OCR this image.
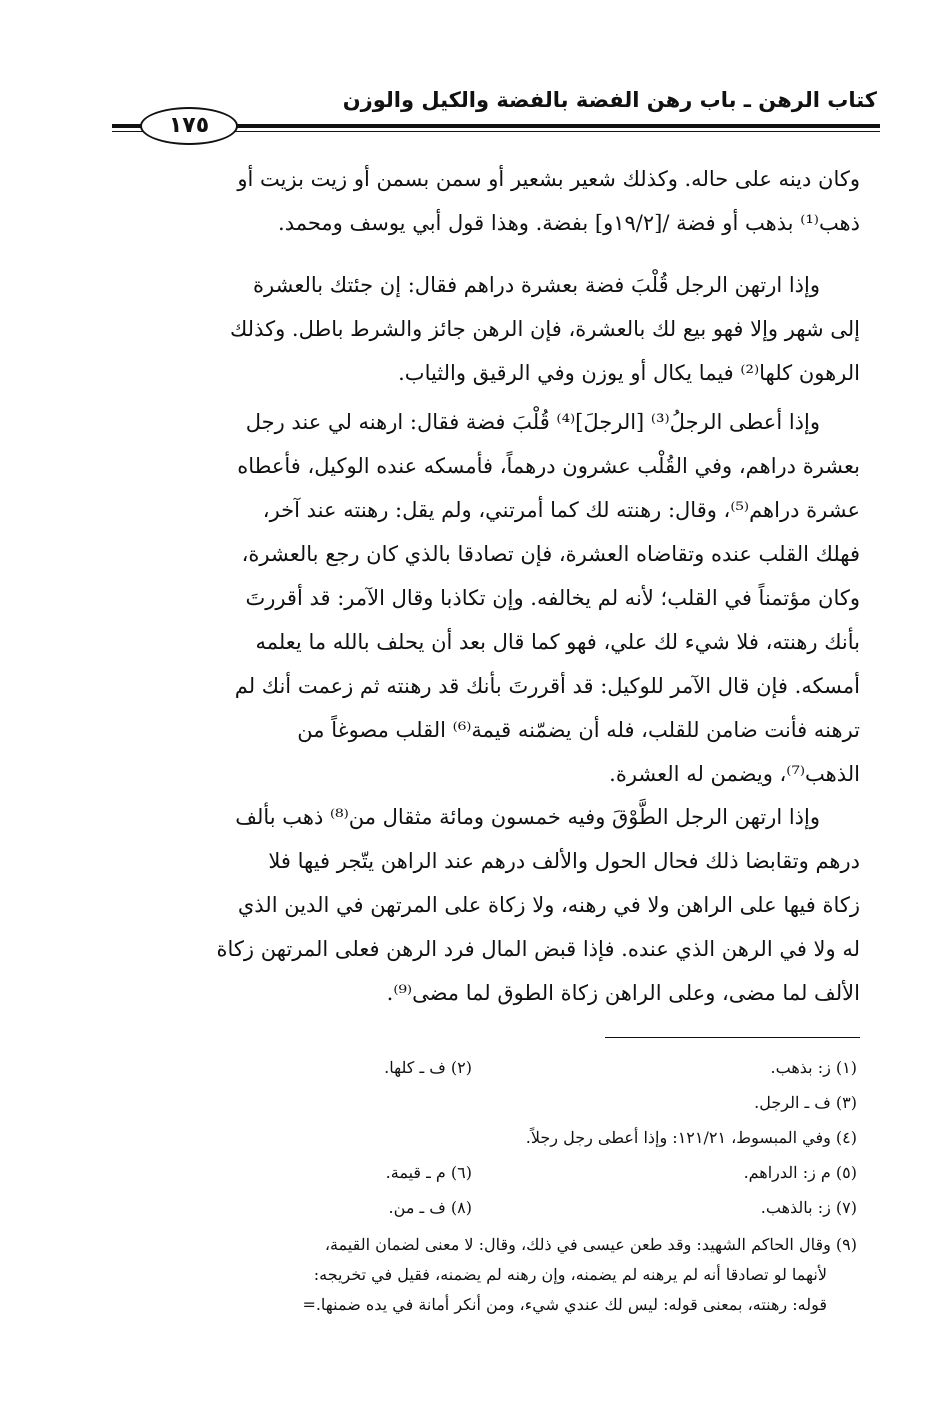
كتاب الرهن ـ باب رهن الفضة بالفضة والكيل والوزن
١٧٥
وكان دينه على حاله. وكذلك شعير بشعير أو سمن بسمن أو زيت بزيت أو
ذهب⁽¹⁾ بذهب أو فضة /[١٩/٢و] بفضة. وهذا قول أبي يوسف ومحمد.
وإذا ارتهن الرجل قُلْبَ فضة بعشرة دراهم فقال: إن جئتك بالعشرة
إلى شهر وإلا فهو بيع لك بالعشرة، فإن الرهن جائز والشرط باطل. وكذلك
الرهون كلها⁽²⁾ فيما يكال أو يوزن وفي الرقيق والثياب.
وإذا أعطى الرجلُ⁽³⁾ [الرجلَ]⁽⁴⁾ قُلْبَ فضة فقال: ارهنه لي عند رجل
بعشرة دراهم، وفي القُلْب عشرون درهماً، فأمسكه عنده الوكيل، فأعطاه
عشرة دراهم⁽⁵⁾، وقال: رهنته لك كما أمرتني، ولم يقل: رهنته عند آخر،
فهلك القلب عنده وتقاضاه العشرة، فإن تصادقا بالذي كان رجع بالعشرة،
وكان مؤتمناً في القلب؛ لأنه لم يخالفه. وإن تكاذبا وقال الآمر: قد أقررتَ
بأنك رهنته، فلا شيء لك علي، فهو كما قال بعد أن يحلف بالله ما يعلمه
أمسكه. فإن قال الآمر للوكيل: قد أقررتَ بأنك قد رهنته ثم زعمت أنك لم
ترهنه فأنت ضامن للقلب، فله أن يضمّنه قيمة⁽⁶⁾ القلب مصوغاً من
الذهب⁽⁷⁾، ويضمن له العشرة.
وإذا ارتهن الرجل الطَّوْقَ وفيه خمسون ومائة مثقال من⁽⁸⁾ ذهب بألف
درهم وتقابضا ذلك فحال الحول والألف درهم عند الراهن يتّجر فيها فلا
زكاة فيها على الراهن ولا في رهنه، ولا زكاة على المرتهن في الدين الذي
له ولا في الرهن الذي عنده. فإذا قبض المال فرد الرهن فعلى المرتهن زكاة
الألف لما مضى، وعلى الراهن زكاة الطوق لما مضى⁽⁹⁾.
(١) ز: بذهب.
(٢) ف ـ كلها.
(٣) ف ـ الرجل.
(٤) وفي المبسوط، ١٢١/٢١: وإذا أعطى رجل رجلاً.
(٥) م ز: الدراهم.
(٦) م ـ قيمة.
(٧) ز: بالذهب.
(٨) ف ـ من.
(٩) وقال الحاكم الشهيد: وقد طعن عيسى في ذلك، وقال: لا معنى لضمان القيمة،
لأنهما لو تصادقا أنه لم يرهنه لم يضمنه، وإن رهنه لم يضمنه، فقيل في تخريجه:
قوله: رهنته، بمعنى قوله: ليس لك عندي شيء، ومن أنكر أمانة في يده ضمنها.=
